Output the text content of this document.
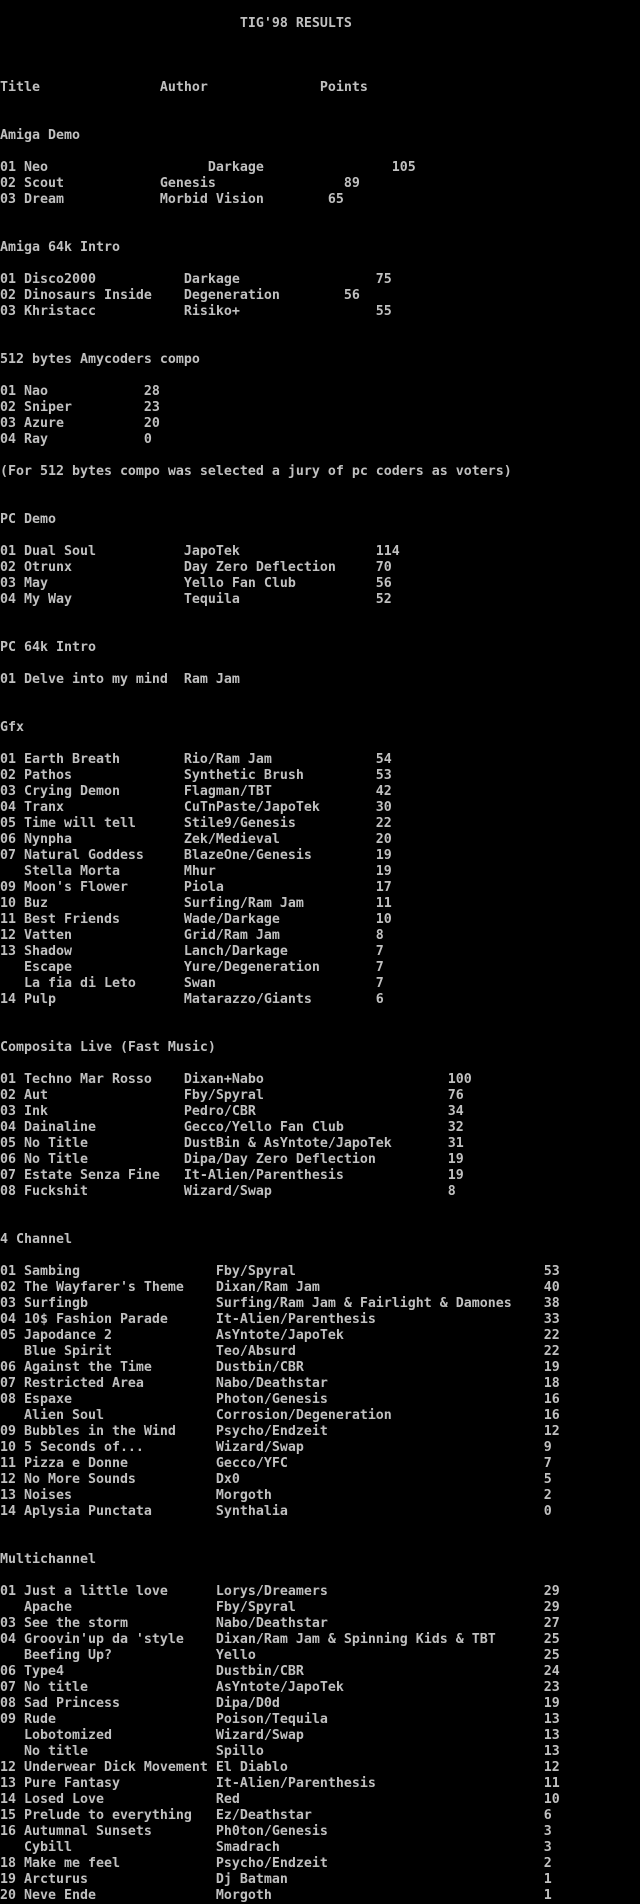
TIG'98 RESULTS
Title               Author              Points
Amiga Demo
01 Neo                    Darkage                105
02 Scout            Genesis                89
03 Dream            Morbid Vision        65
Amiga 64k Intro
01 Disco2000           Darkage                 75
02 Dinosaurs Inside    Degeneration        56
03 Khristacc           Risiko+                 55
512 bytes Amycoders compo
01 Nao            28
02 Sniper         23
03 Azure          20
04 Ray            0
(For 512 bytes compo was selected a jury of pc coders as voters)
PC Demo
01 Dual Soul           JapoTek                 114
02 Otrunx              Day Zero Deflection     70
03 May                 Yello Fan Club          56
04 My Way              Tequila                 52
PC 64k Intro
01 Delve into my mind  Ram Jam
Gfx
01 Earth Breath        Rio/Ram Jam             54
02 Pathos              Synthetic Brush         53
03 Crying Demon        Flagman/TBT             42
04 Tranx               CuTnPaste/JapoTek       30
05 Time will tell      Stile9/Genesis          22
06 Nynpha              Zek/Medieval            20
07 Natural Goddess     BlazeOne/Genesis        19
Stella Morta        Mhur                    19
09 Moon's Flower       Piola                   17
10 Buz                 Surfing/Ram Jam         11
11 Best Friends        Wade/Darkage            10
12 Vatten              Grid/Ram Jam            8
13 Shadow              Lanch/Darkage           7
Escape              Yure/Degeneration       7
La fia di Leto      Swan                    7
14 Pulp                Matarazzo/Giants        6
Composita Live (Fast Music)
01 Techno Mar Rosso    Dixan+Nabo                       100
02 Aut                 Fby/Spyral                       76
03 Ink                 Pedro/CBR                        34
04 Dainaline           Gecco/Yello Fan Club             32
05 No Title            DustBin & AsYntote/JapoTek       31
06 No Title            Dipa/Day Zero Deflection         19
07 Estate Senza Fine   It-Alien/Parenthesis             19
08 Fuckshit            Wizard/Swap                      8
4 Channel
01 Sambing                 Fby/Spyral                               53
02 The Wayfarer's Theme    Dixan/Ram Jam                            40
03 Surfingb                Surfing/Ram Jam & Fairlight & Damones    38
04 10$ Fashion Parade      It-Alien/Parenthesis                     33
05 Japodance 2             AsYntote/JapoTek                         22
Blue Spirit             Teo/Absurd                               22
06 Against the Time        Dustbin/CBR                              19
07 Restricted Area         Nabo/Deathstar                           18
08 Espaxe                  Photon/Genesis                           16
Alien Soul              Corrosion/Degeneration                   16
09 Bubbles in the Wind     Psycho/Endzeit                           12
10 5 Seconds of...         Wizard/Swap                              9
11 Pizza e Donne           Gecco/YFC                                7
12 No More Sounds          Dx0                                      5
13 Noises                  Morgoth                                  2
14 Aplysia Punctata        Synthalia                                0
Multichannel
01 Just a little love      Lorys/Dreamers                           29
Apache                  Fby/Spyral                               29
03 See the storm           Nabo/Deathstar                           27
04 Groovin'up da 'style    Dixan/Ram Jam & Spinning Kids & TBT      25
Beefing Up?             Yello                                    25
06 Type4                   Dustbin/CBR                              24
07 No title                AsYntote/JapoTek                         23
08 Sad Princess            Dipa/D0d                                 19
09 Rude                    Poison/Tequila                           13
Lobotomized             Wizard/Swap                              13
No title                Spillo                                   13
12 Underwear Dick Movement El Diablo                                12
13 Pure Fantasy            It-Alien/Parenthesis                     11
14 Losed Love              Red                                      10
15 Prelude to everything   Ez/Deathstar                             6
16 Autumnal Sunsets        Ph0ton/Genesis                           3
Cybill                  Smadrach                                 3
18 Make me feel            Psycho/Endzeit                           2
19 Arcturus                Dj Batman                                1
20 Neve Ende               Morgoth                                  1
